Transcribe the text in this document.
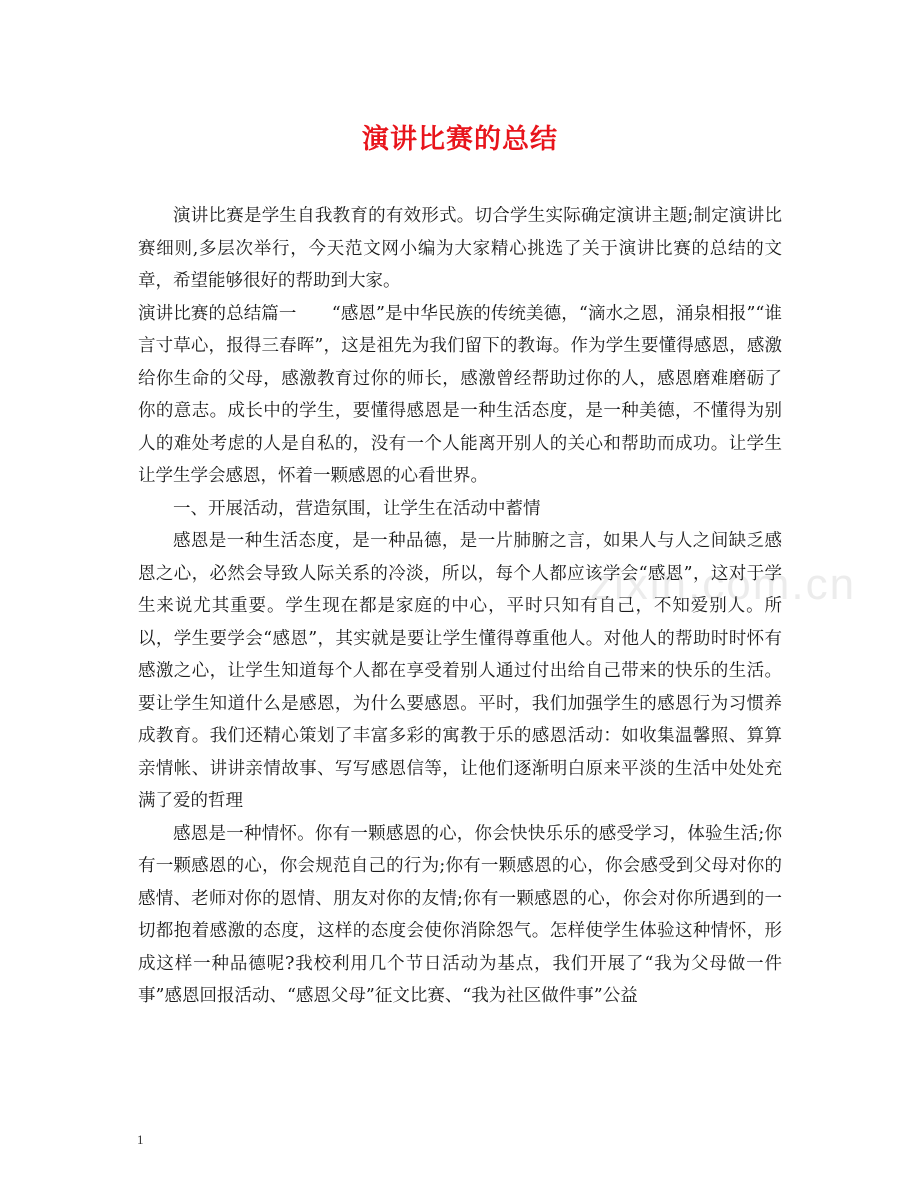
演讲比赛的总结
zixin.com.cn

演讲比赛是学生自我教育的有效形式。切合学生实际确定演讲主题;制定演讲比赛细则,多层次举行，今天范文网小编为大家精心挑选了关于演讲比赛的总结的文章，希望能够很好的帮助到大家。

演讲比赛的总结篇一　　“感恩”是中华民族的传统美德，“滴水之恩，涌泉相报”“谁言寸草心，报得三春晖”，这是祖先为我们留下的教诲。作为学生要懂得感恩，感激给你生命的父母，感激教育过你的师长，感激曾经帮助过你的人，感恩磨难磨砺了你的意志。成长中的学生，要懂得感恩是一种生活态度，是一种美德，不懂得为别人的难处考虑的人是自私的，没有一个人能离开别人的关心和帮助而成功。让学生让学生学会感恩，怀着一颗感恩的心看世界。

一、开展活动，营造氛围，让学生在活动中蓄情

感恩是一种生活态度，是一种品德，是一片肺腑之言，如果人与人之间缺乏感恩之心，必然会导致人际关系的冷淡，所以，每个人都应该学会“感恩”，这对于学生来说尤其重要。学生现在都是家庭的中心，平时只知有自己，不知爱别人。所以，学生要学会“感恩”，其实就是要让学生懂得尊重他人。对他人的帮助时时怀有感激之心，让学生知道每个人都在享受着别人通过付出给自己带来的快乐的生活。要让学生知道什么是感恩，为什么要感恩。平时，我们加强学生的感恩行为习惯养成教育。我们还精心策划了丰富多彩的寓教于乐的感恩活动：如收集温馨照、算算亲情帐、讲讲亲情故事、写写感恩信等，让他们逐渐明白原来平淡的生活中处处充满了爱的哲理

感恩是一种情怀。你有一颗感恩的心，你会快快乐乐的感受学习，体验生活;你有一颗感恩的心，你会规范自己的行为;你有一颗感恩的心，你会感受到父母对你的感情、老师对你的恩情、朋友对你的友情;你有一颗感恩的心，你会对你所遇到的一切都抱着感激的态度，这样的态度会使你消除怨气。怎样使学生体验这种情怀，形成这样一种品德呢?我校利用几个节日活动为基点，我们开展了“我为父母做一件事”感恩回报活动、“感恩父母”征文比赛、“我为社区做件事”公益

1
